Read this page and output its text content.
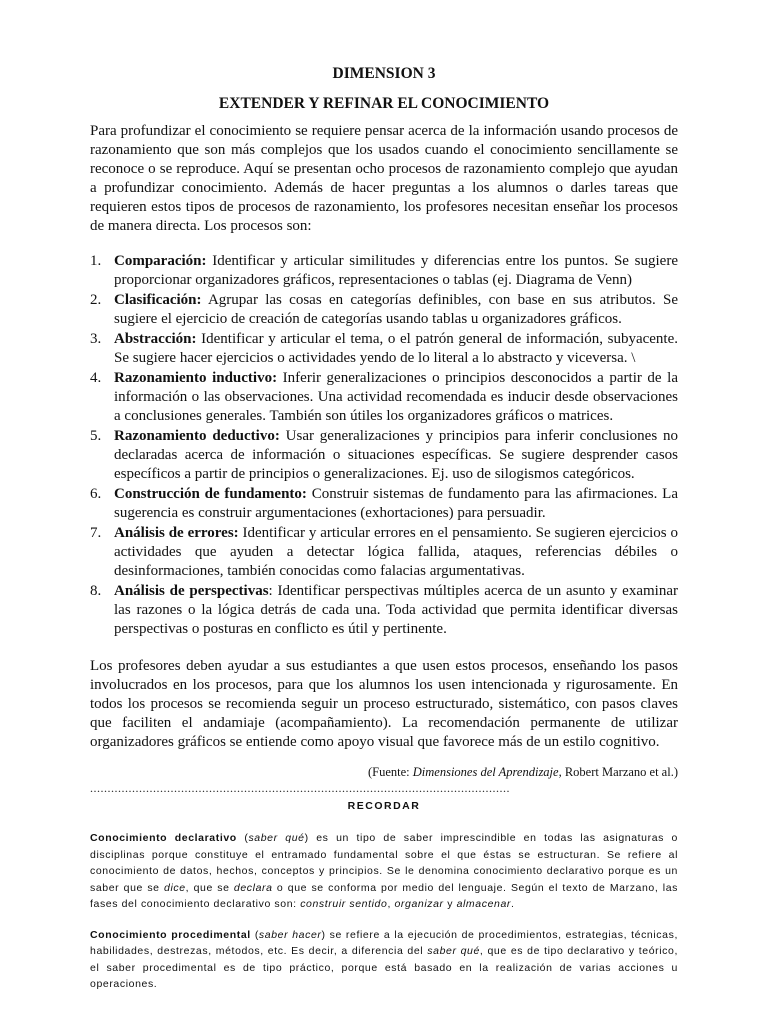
DIMENSION 3
EXTENDER Y REFINAR EL CONOCIMIENTO

Para profundizar el conocimiento se requiere pensar acerca de la información usando procesos de razonamiento que son más complejos que los usados cuando el conocimiento sencillamente se reconoce o se reproduce. Aquí se presentan ocho procesos de razonamiento complejo que ayudan a profundizar conocimiento. Además de hacer preguntas a los alumnos o darles tareas que requieren estos tipos de procesos de razonamiento, los profesores necesitan enseñar los procesos de manera directa. Los procesos son:

1. Comparación: Identificar y articular similitudes y diferencias entre los puntos. Se sugiere proporcionar organizadores gráficos, representaciones o tablas (ej. Diagrama de Venn)
2. Clasificación: Agrupar las cosas en categorías definibles, con base en sus atributos. Se sugiere el ejercicio de creación de categorías usando tablas u organizadores gráficos.
3. Abstracción: Identificar y articular el tema, o el patrón general de información, subyacente. Se sugiere hacer ejercicios o actividades yendo de lo literal a lo abstracto y viceversa. \
4. Razonamiento inductivo: Inferir generalizaciones o principios desconocidos a partir de la información o las observaciones. Una actividad recomendada es inducir desde observaciones a conclusiones generales. También son útiles los organizadores gráficos o matrices.
5. Razonamiento deductivo: Usar generalizaciones y principios para inferir conclusiones no declaradas acerca de información o situaciones específicas. Se sugiere desprender casos específicos a partir de principios o generalizaciones. Ej. uso de silogismos categóricos.
6. Construcción de fundamento: Construir sistemas de fundamento para las afirmaciones. La sugerencia es construir argumentaciones (exhortaciones) para persuadir.
7. Análisis de errores: Identificar y articular errores en el pensamiento. Se sugieren ejercicios o actividades que ayuden a detectar lógica fallida, ataques, referencias débiles o desinformaciones, también conocidas como falacias argumentativas.
8. Análisis de perspectivas: Identificar perspectivas múltiples acerca de un asunto y examinar las razones o la lógica detrás de cada una. Toda actividad que permita identificar diversas perspectivas o posturas en conflicto es útil y pertinente.

Los profesores deben ayudar a sus estudiantes a que usen estos procesos, enseñando los pasos involucrados en los procesos, para que los alumnos los usen intencionada y rigurosamente. En todos los procesos se recomienda seguir un proceso estructurado, sistemático, con pasos claves que faciliten el andamiaje (acompañamiento). La recomendación permanente de utilizar organizadores gráficos se entiende como apoyo visual que favorece más de un estilo cognitivo.

(Fuente: Dimensiones del Aprendizaje, Robert Marzano et al.)
........................................................................................................................
RECORDAR

Conocimiento declarativo (saber qué) es un tipo de saber imprescindible en todas las asignaturas o disciplinas porque constituye el entramado fundamental sobre el que éstas se estructuran. Se refiere al conocimiento de datos, hechos, conceptos y principios. Se le denomina conocimiento declarativo porque es un saber que se dice, que se declara o que se conforma por medio del lenguaje. Según el texto de Marzano, las fases del conocimiento declarativo son: construir sentido, organizar y almacenar.

Conocimiento procedimental (saber hacer) se refiere a la ejecución de procedimientos, estrategias, técnicas, habilidades, destrezas, métodos, etc. Es decir, a diferencia del saber qué, que es de tipo declarativo y teórico, el saber procedimental es de tipo práctico, porque está basado en la realización de varias acciones u operaciones.
